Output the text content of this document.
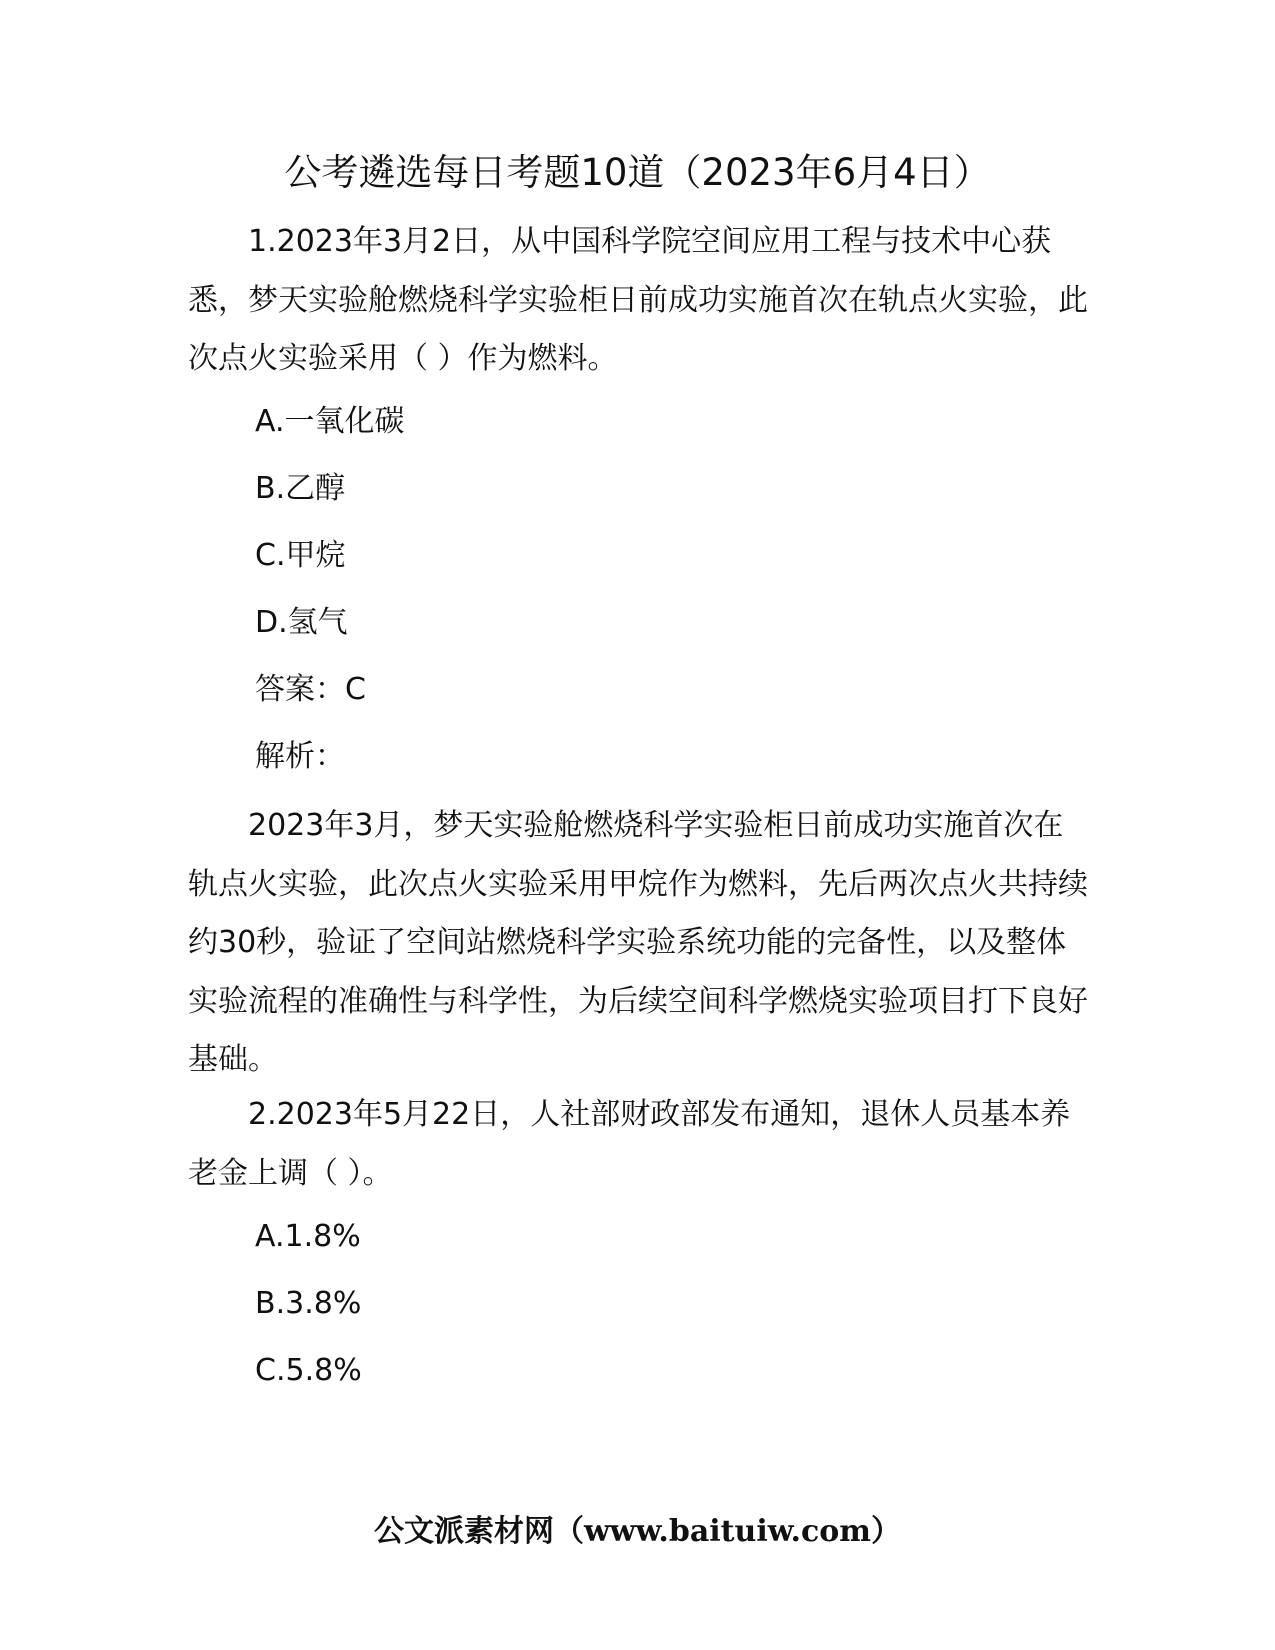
公考遴选每日考题10道（2023年6月4日）
1.2023年3月2日，从中国科学院空间应用工程与技术中心获悉，梦天实验舱燃烧科学实验柜日前成功实施首次在轨点火实验，此次点火实验采用（ ）作为燃料。
A.一氧化碳
B.乙醇
C.甲烷
D.氢气
答案：C
解析：
2023年3月，梦天实验舱燃烧科学实验柜日前成功实施首次在轨点火实验，此次点火实验采用甲烷作为燃料，先后两次点火共持续约30秒，验证了空间站燃烧科学实验系统功能的完备性，以及整体实验流程的准确性与科学性，为后续空间科学燃烧实验项目打下良好基础。
2.2023年5月22日，人社部财政部发布通知，退休人员基本养老金上调（ ）。
A.1.8%
B.3.8%
C.5.8%
公文派素材网（www.baituiw.com）
